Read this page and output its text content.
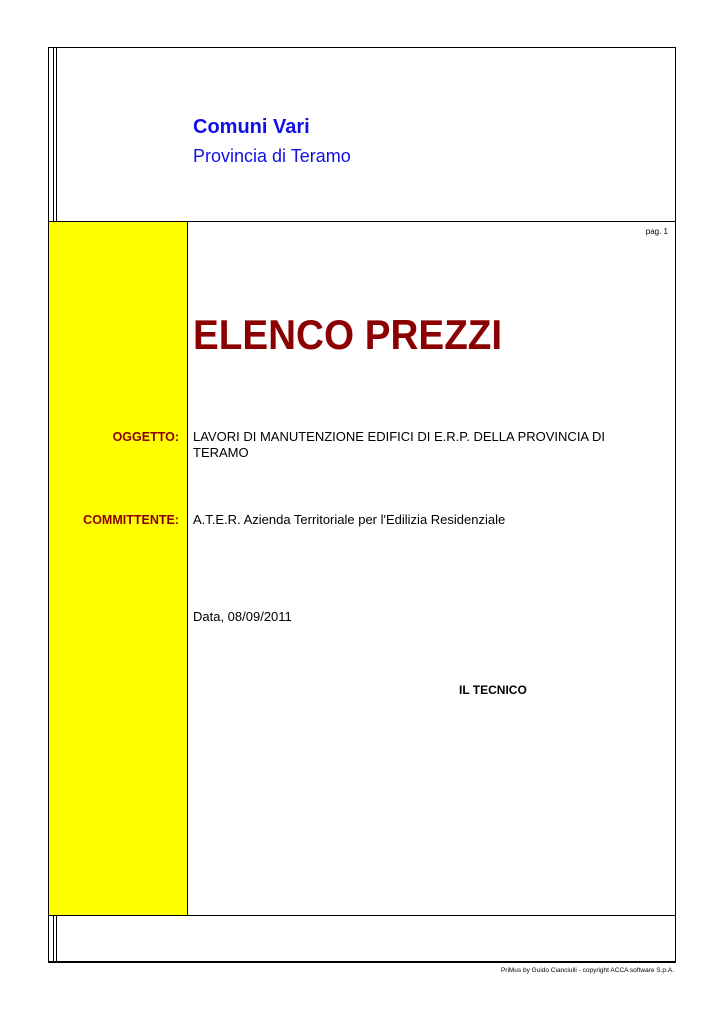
Comuni Vari
Provincia di Teramo
pag. 1
ELENCO PREZZI
OGGETTO: LAVORI DI MANUTENZIONE EDIFICI DI E.R.P. DELLA PROVINCIA DI TERAMO
COMMITTENTE: A.T.E.R. Azienda Territoriale per l'Edilizia Residenziale
Data, 08/09/2011
IL TECNICO
PriMus by Guido Cianciulli - copyright ACCA software S.p.A.
